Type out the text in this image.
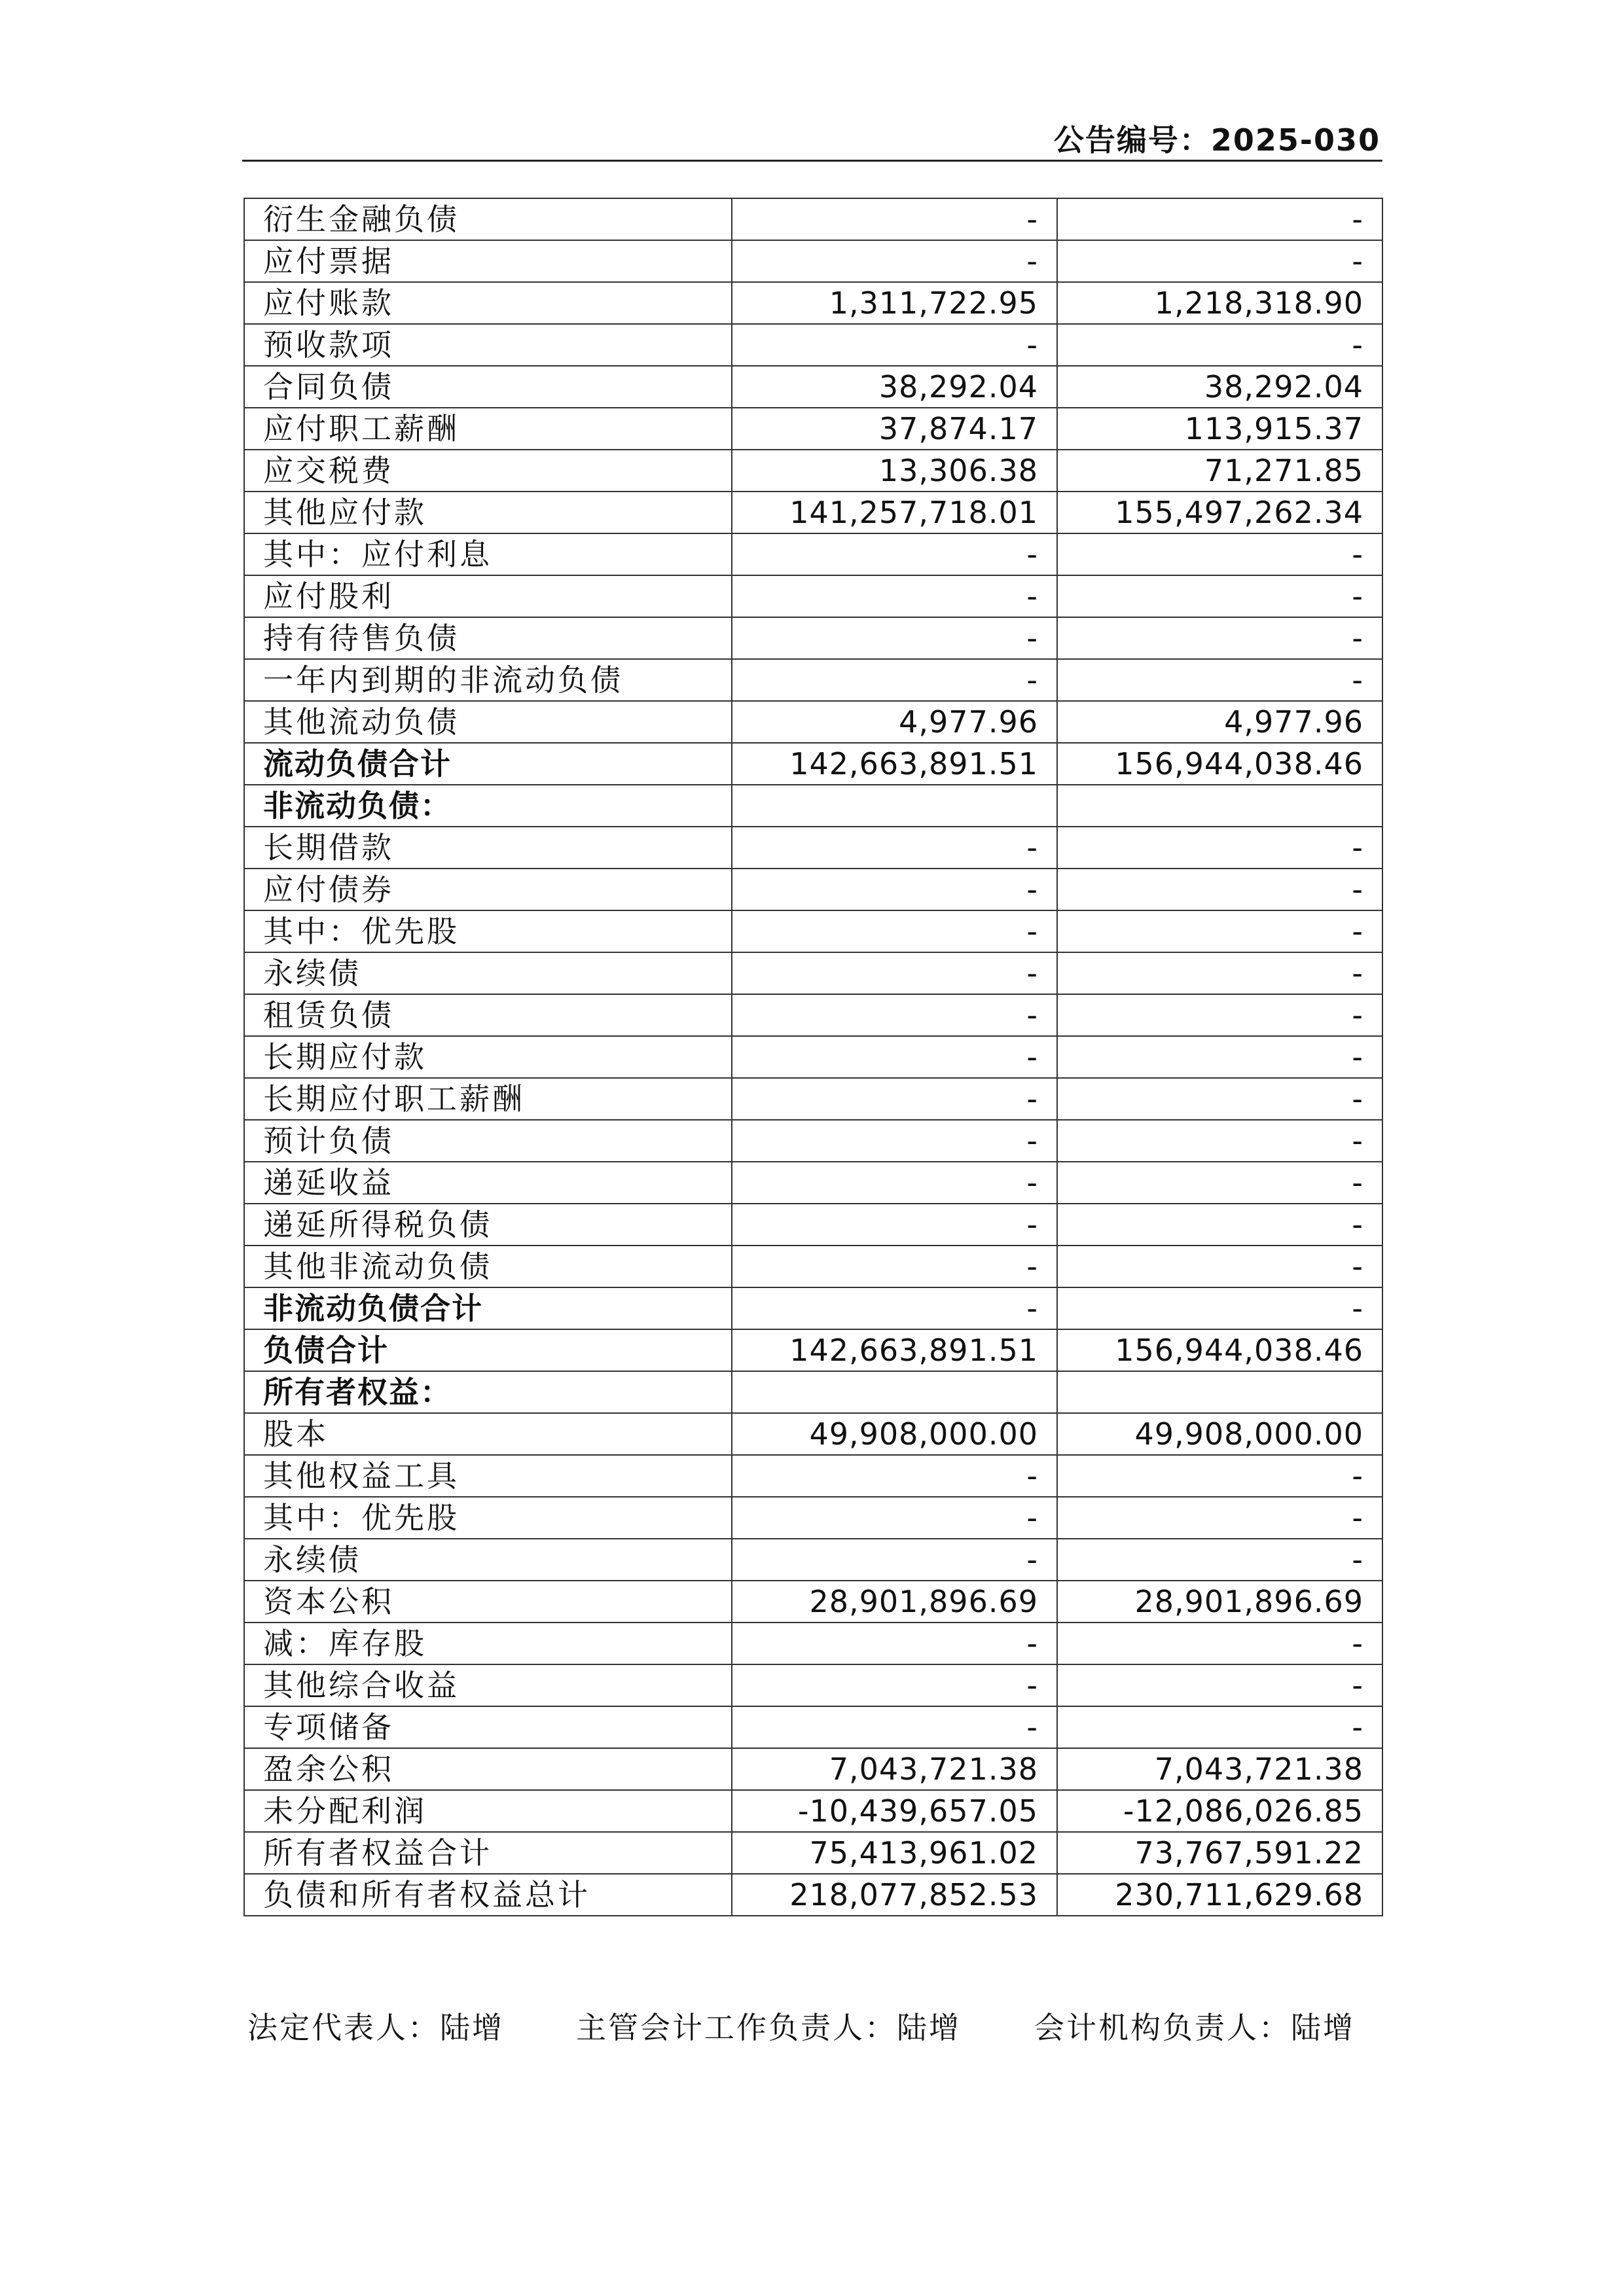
公告编号：2025-030
衍生金融负债	-	-
应付票据	-	-
应付账款	1,311,722.95	1,218,318.90
预收款项	-	-
合同负债	38,292.04	38,292.04
应付职工薪酬	37,874.17	113,915.37
应交税费	13,306.38	71,271.85
其他应付款	141,257,718.01	155,497,262.34
其中：应付利息	-	-
应付股利	-	-
持有待售负债	-	-
一年内到期的非流动负债	-	-
其他流动负债	4,977.96	4,977.96
流动负债合计	142,663,891.51	156,944,038.46
非流动负债：		
长期借款	-	-
应付债券	-	-
其中：优先股	-	-
永续债	-	-
租赁负债	-	-
长期应付款	-	-
长期应付职工薪酬	-	-
预计负债	-	-
递延收益	-	-
递延所得税负债	-	-
其他非流动负债	-	-
非流动负债合计	-	-
负债合计	142,663,891.51	156,944,038.46
所有者权益：		
股本	49,908,000.00	49,908,000.00
其他权益工具	-	-
其中：优先股	-	-
永续债	-	-
资本公积	28,901,896.69	28,901,896.69
减：库存股	-	-
其他综合收益	-	-
专项储备	-	-
盈余公积	7,043,721.38	7,043,721.38
未分配利润	-10,439,657.05	-12,086,026.85
所有者权益合计	75,413,961.02	73,767,591.22
负债和所有者权益总计	218,077,852.53	230,711,629.68
法定代表人：陆增 主管会计工作负责人：陆增 会计机构负责人：陆增
